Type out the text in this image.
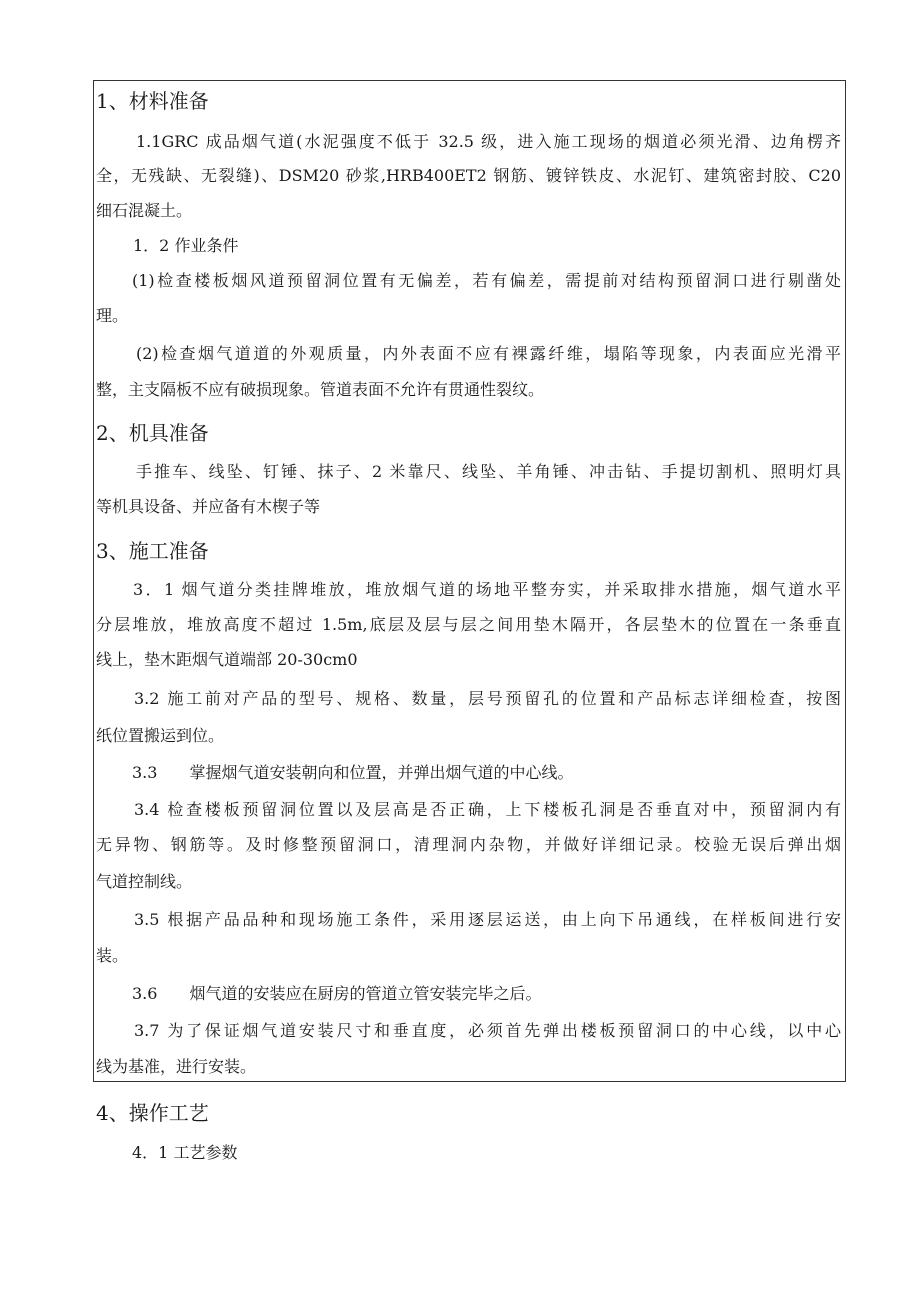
1、材料准备
1.1GRC 成品烟气道(水泥强度不低于 32.5 级，进入施工现场的烟道必须光滑、边角楞齐
全，无残缺、无裂缝)、DSM20 砂浆,HRB400ET2 钢筋、镀锌铁皮、水泥钉、建筑密封胶、C20
细石混凝土。
1．2 作业条件
(1)检查楼板烟风道预留洞位置有无偏差，若有偏差，需提前对结构预留洞口进行剔凿处
理。
(2)检查烟气道道的外观质量，内外表面不应有裸露纤维，塌陷等现象，内表面应光滑平
整，主支隔板不应有破损现象。管道表面不允许有贯通性裂纹。
2、机具准备
手推车、线坠、钉锤、抹子、2 米靠尺、线坠、羊角锤、冲击钻、手提切割机、照明灯具
等机具设备、并应备有木楔子等
3、施工准备
3．1 烟气道分类挂牌堆放，堆放烟气道的场地平整夯实，并采取排水措施，烟气道水平
分层堆放，堆放高度不超过 1.5m,底层及层与层之间用垫木隔开，各层垫木的位置在一条垂直
线上，垫木距烟气道端部 20-30cm0
3.2 施工前对产品的型号、规格、数量，层号预留孔的位置和产品标志详细检查，按图
纸位置搬运到位。
3.3　　掌握烟气道安装朝向和位置，并弹出烟气道的中心线。
3.4 检查楼板预留洞位置以及层高是否正确，上下楼板孔洞是否垂直对中，预留洞内有
无异物、钢筋等。及时修整预留洞口，清理洞内杂物，并做好详细记录。校验无误后弹出烟
气道控制线。
3.5 根据产品品种和现场施工条件，采用逐层运送，由上向下吊通线，在样板间进行安
装。
3.6　　烟气道的安装应在厨房的管道立管安装完毕之后。
3.7 为了保证烟气道安装尺寸和垂直度，必须首先弹出楼板预留洞口的中心线，以中心
线为基准，进行安装。
4、操作工艺
4．1 工艺参数
